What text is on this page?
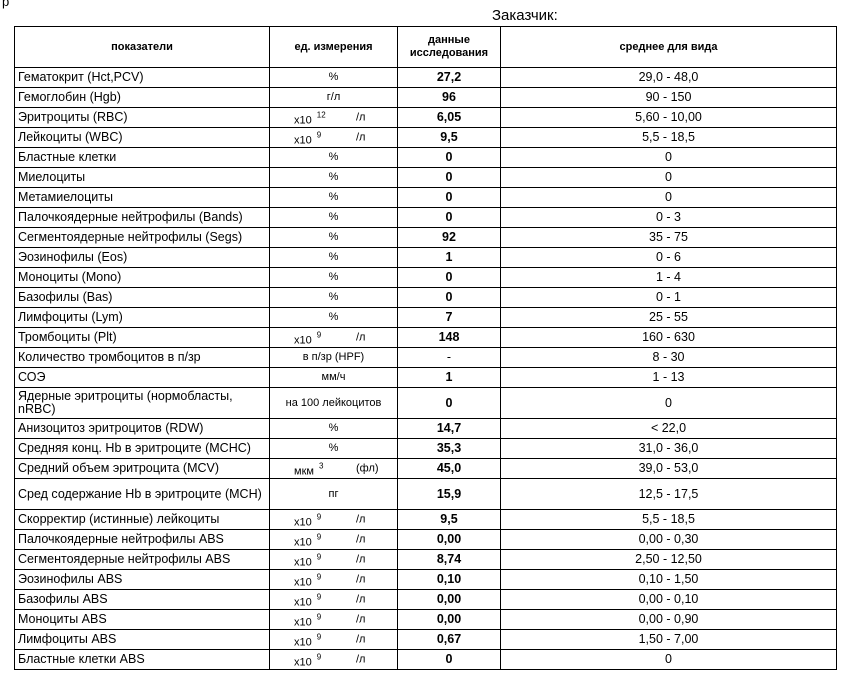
р
Заказчик:
показатели	ед. измерения	данные исследования	среднее для вида
Гематокрит (Hct,PCV)	%	27,2	29,0 - 48,0
Гемоглобин (Hgb)	г/л	96	90 - 150
Эритроциты (RBC)	х10 $^{12}$ /л	6,05	5,60 - 10,00
Лейкоциты (WBC)	х10 $^9$ /л	9,5	5,5 - 18,5
Бластные клетки	%	0	0
Миелоциты	%	0	0
Метамиелоциты	%	0	0
Палочкоядерные нейтрофилы (Bands)	%	0	0 - 3
Сегментоядерные нейтрофилы (Segs)	%	92	35 - 75
Эозинофилы (Eos)	%	1	0 - 6
Моноциты (Mono)	%	0	1 - 4
Базофилы (Bas)	%	0	0 - 1
Лимфоциты (Lym)	%	7	25 - 55
Тромбоциты (Plt)	х10 $^9$ /л	148	160 - 630
Количество тромбоцитов в п/зр	в п/зр (HPF)	-	8 - 30
СОЭ	мм/ч	1	1 - 13
Ядерные эритроциты (нормобласты, nRBC)	на 100 лейкоцитов	0	0
Анизоцитоз эритроцитов (RDW)	%	14,7	< 22,0
Средняя конц. Hb в эритроците (MCHC)	%	35,3	31,0 - 36,0
Средний объем эритроцита (MCV)	мкм $^3$ (фл)	45,0	39,0 - 53,0
Сред содержание Hb в эритроците (MCH)	пг	15,9	12,5 - 17,5
Скорректир (истинные) лейкоциты	х10 $^9$ /л	9,5	5,5 - 18,5
Палочкоядерные нейтрофилы ABS	х10 $^9$ /л	0,00	0,00 - 0,30
Сегментоядерные нейтрофилы ABS	х10 $^9$ /л	8,74	2,50 - 12,50
Эозинофилы ABS	х10 $^9$ /л	0,10	0,10 - 1,50
Базофилы ABS	х10 $^9$ /л	0,00	0,00 - 0,10
Моноциты ABS	х10 $^9$ /л	0,00	0,00 - 0,90
Лимфоциты ABS	х10 $^9$ /л	0,67	1,50 - 7,00
Бластные клетки ABS	х10 $^9$ /л	0	0
